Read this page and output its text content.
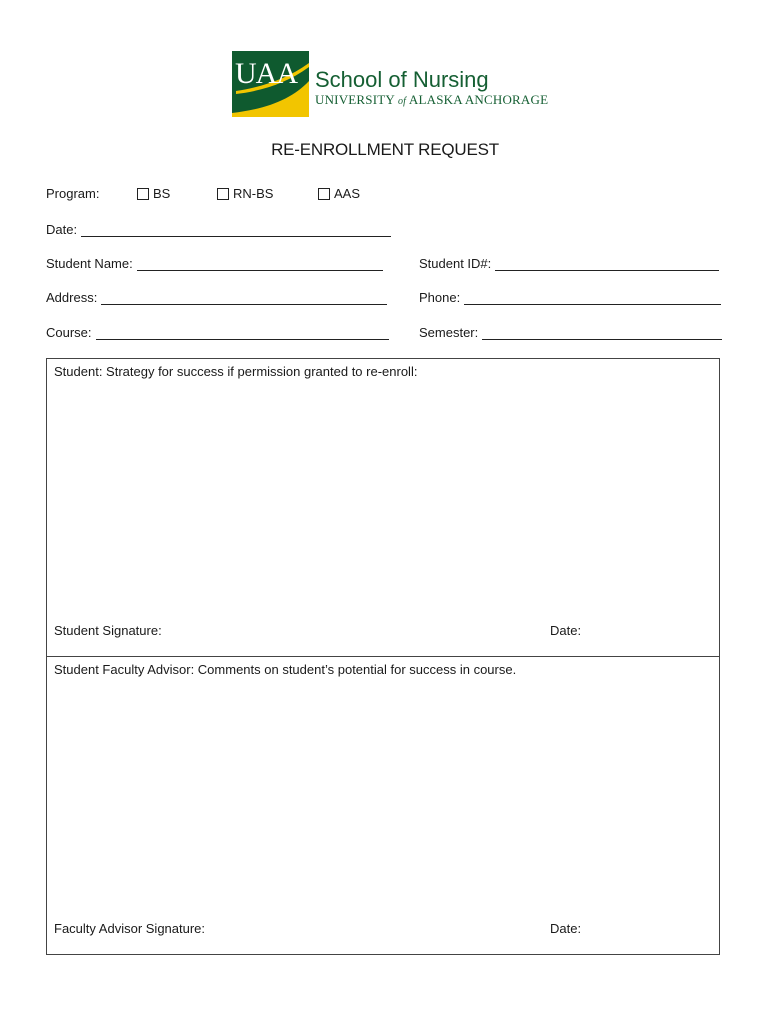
UAA School of Nursing
UNIVERSITY of ALASKA ANCHORAGE
RE-ENROLLMENT REQUEST
Program:	BS	RN-BS	AAS
Date:
Student Name:	Student ID#:
Address:	Phone:
Course:	Semester:
Student: Strategy for success if permission granted to re-enroll:
Student Signature:	Date:
Student Faculty Advisor: Comments on student’s potential for success in course.
Faculty Advisor Signature:	Date:
